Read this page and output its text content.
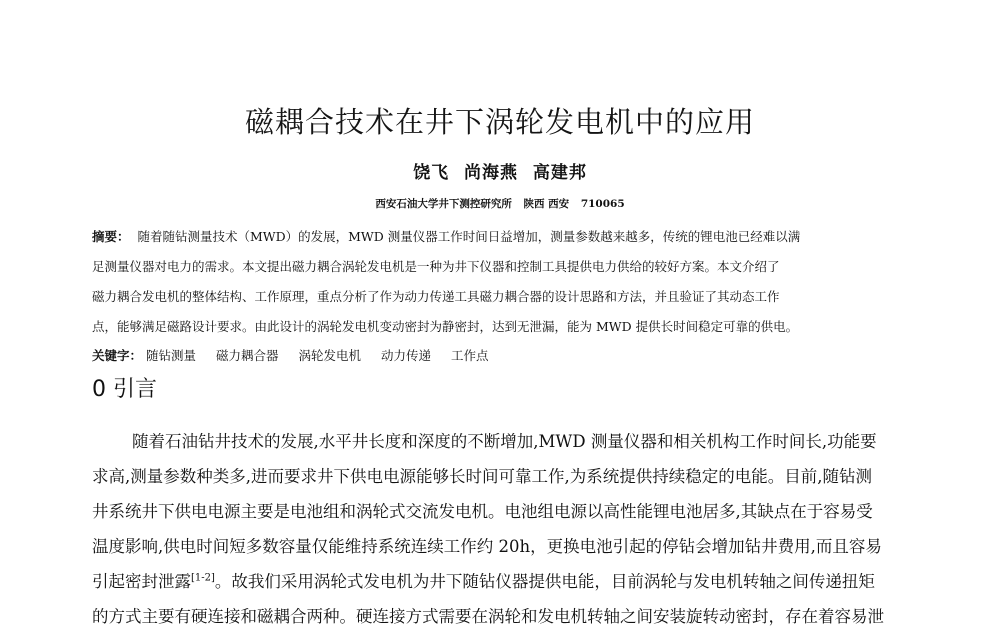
磁耦合技术在井下涡轮发电机中的应用
饶飞 尚海燕 高建邦
西安石油大学井下测控研究所 陕西 西安 710065
摘要： 随着随钻测量技术（MWD）的发展，MWD 测量仪器工作时间日益增加，测量参数越来越多，传统的锂电池已经难以满
足测量仪器对电力的需求。本文提出磁力耦合涡轮发电机是一种为井下仪器和控制工具提供电力供给的较好方案。本文介绍了
磁力耦合发电机的整体结构、工作原理，重点分析了作为动力传递工具磁力耦合器的设计思路和方法，并且验证了其动态工作
点，能够满足磁路设计要求。由此设计的涡轮发电机变动密封为静密封，达到无泄漏，能为 MWD 提供长时间稳定可靠的供电。
关键字： 随钻测量 磁力耦合器 涡轮发电机 动力传递 工作点
0 引言
随着石油钻井技术的发展,水平井长度和深度的不断增加,MWD 测量仪器和相关机构工作时间长,功能要
求高,测量参数种类多,进而要求井下供电电源能够长时间可靠工作,为系统提供持续稳定的电能。目前,随钻测
井系统井下供电电源主要是电池组和涡轮式交流发电机。电池组电源以高性能锂电池居多,其缺点在于容易受
温度影响,供电时间短多数容量仅能维持系统连续工作约 20h，更换电池引起的停钻会增加钻井费用,而且容易
引起密封泄露[1-2]。故我们采用涡轮式发电机为井下随钻仪器提供电能，目前涡轮与发电机转轴之间传递扭矩
的方式主要有硬连接和磁耦合两种。硬连接方式需要在涡轮和发电机转轴之间安装旋转动密封，存在着容易泄
